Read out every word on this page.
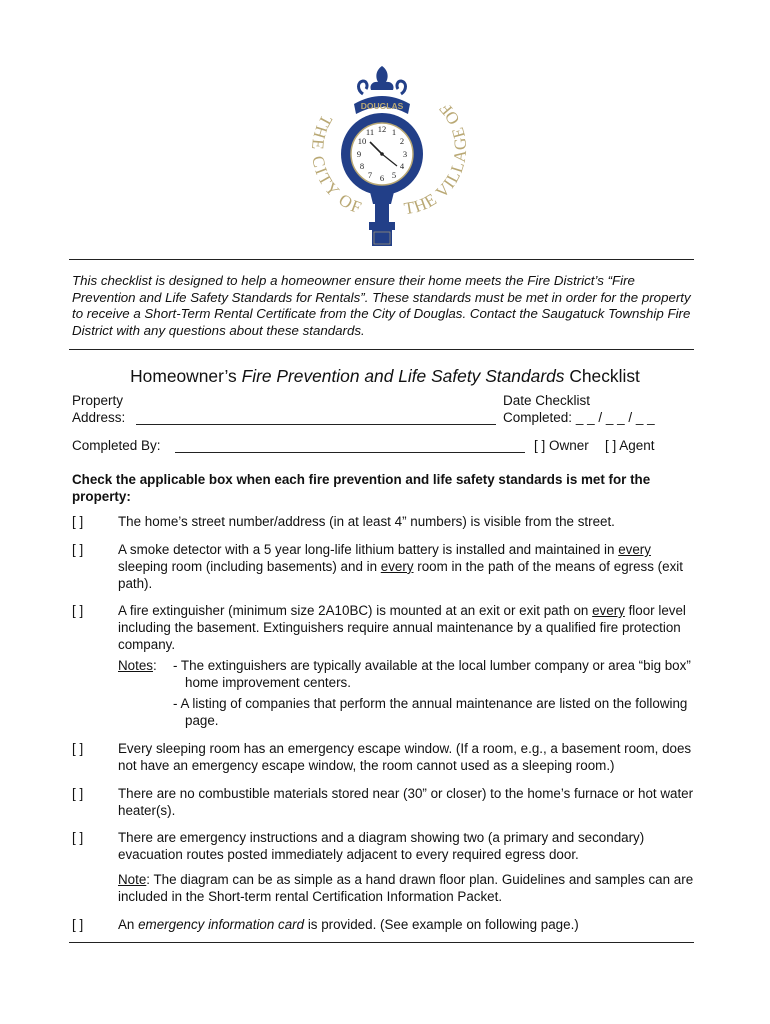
THE CITY OF THE VILL E OF
DOUGLAS
12 1
2
3
4
5
6
7
8
9
10
11

This checklist is designed to help a homeowner ensure their home meets the Fire District’s “Fire Prevention and Life Safety Standards for Rentals”. These standards must be met in order for the property to receive a Short-Term Rental Certificate from the City of Douglas. Contact the Saugatuck Township Fire District with any questions about these standards.

Homeowner’s Fire Prevention and Life Safety Standards Checklist
Property
Address:
Date Checklist
Completed: _ _ / _ _ / _ _
Completed By:	[ ] Owner [ ] Agent
Check the applicable box when each fire prevention and life safety standards is met for the property:
[ ]	The home’s street number/address (in at least 4” numbers) is visible from the street.
[ ]	A smoke detector with a 5 year long-life lithium battery is installed and maintained in every sleeping room (including basements) and in every room in the path of the means of egress (exit path).
[ ]	A fire extinguisher (minimum size 2A10BC) is mounted at an exit or exit path on every floor level including the basement. Extinguishers require annual maintenance by a qualified fire protection company.
Notes: - The extinguishers are typically available at the local lumber company or area “big box” home improvement centers.
- A listing of companies that perform the annual maintenance are listed on the following page.
[ ]	Every sleeping room has an emergency escape window. (If a room, e.g., a basement room, does not have an emergency escape window, the room cannot used as a sleeping room.)
[ ]	There are no combustible materials stored near (30” or closer) to the home’s furnace or hot water heater(s).
[ ]	There are emergency instructions and a diagram showing two (a primary and secondary) evacuation routes posted immediately adjacent to every required egress door.
Note: The diagram can be as simple as a hand drawn floor plan. Guidelines and samples can are included in the Short-term rental Certification Information Packet.
[ ]	An emergency information card is provided. (See example on following page.)
